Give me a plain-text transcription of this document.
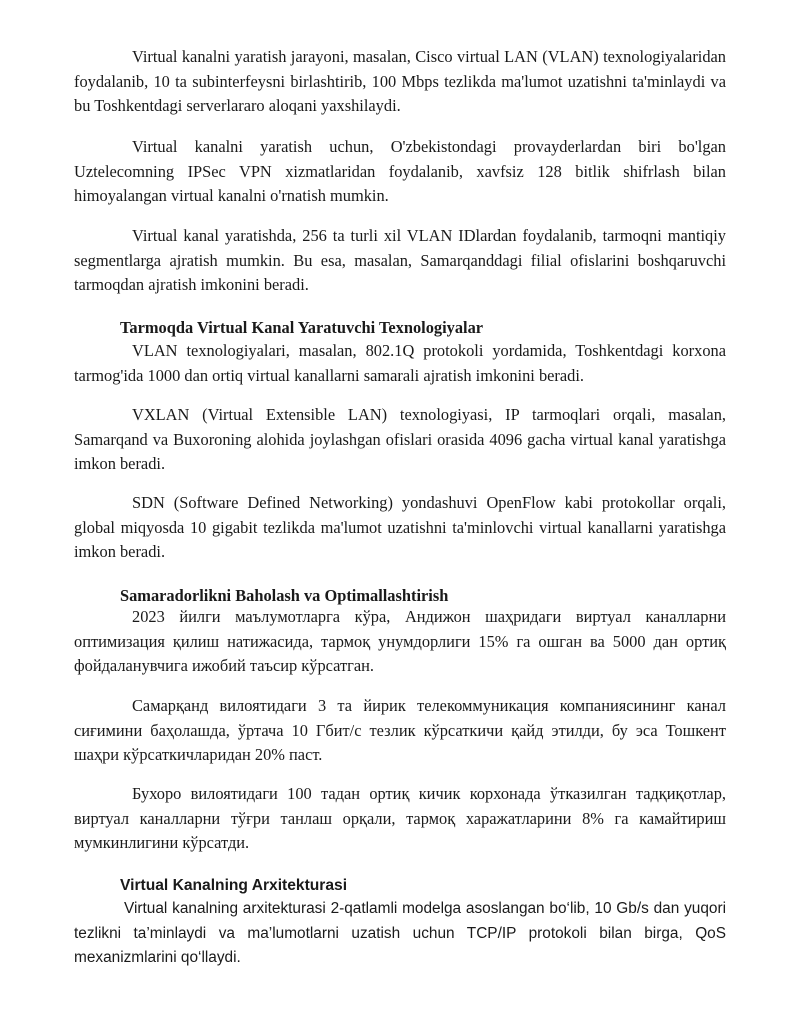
Virtual kanalni yaratish jarayoni, masalan, Cisco virtual LAN (VLAN) texnologiyalaridan foydalanib, 10 ta subinterfeysni birlashtirib, 100 Mbps tezlikda ma'lumot uzatishni ta'minlaydi va bu Toshkentdagi serverlararo aloqani yaxshilaydi.

Virtual kanalni yaratish uchun, O'zbekistondagi provayderlardan biri bo'lgan Uztelecomning IPSec VPN xizmatlaridan foydalanib, xavfsiz 128 bitlik shifrlash bilan himoyalangan virtual kanalni o'rnatish mumkin.

Virtual kanal yaratishda, 256 ta turli xil VLAN IDlardan foydalanib, tarmoqni mantiqiy segmentlarga ajratish mumkin. Bu esa, masalan, Samarqanddagi filial ofislarini boshqaruvchi tarmoqdan ajratish imkonini beradi.

Tarmoqda Virtual Kanal Yaratuvchi Texnologiyalar

VLAN texnologiyalari, masalan, 802.1Q protokoli yordamida, Toshkentdagi korxona tarmog'ida 1000 dan ortiq virtual kanallarni samarali ajratish imkonini beradi.

VXLAN (Virtual Extensible LAN) texnologiyasi, IP tarmoqlari orqali, masalan, Samarqand va Buxoroning alohida joylashgan ofislari orasida 4096 gacha virtual kanal yaratishga imkon beradi.

SDN (Software Defined Networking) yondashuvi OpenFlow kabi protokollar orqali, global miqyosda 10 gigabit tezlikda ma'lumot uzatishni ta'minlovchi virtual kanallarni yaratishga imkon beradi.

Samaradorlikni Baholash va Optimallashtirish

2023 йилги маълумотларга кўра, Андижон шаҳридаги виртуал каналларни оптимизация қилиш натижасида, тармоқ унумдорлиги 15% га ошган ва 5000 дан ортиқ фойдаланувчига ижобий таъсир кўрсатган.

Самарқанд вилоятидаги 3 та йирик телекоммуникация компаниясининг канал сиғимини баҳолашда, ўртача 10 Гбит/с тезлик кўрсаткичи қайд этилди, бу эса Тошкент шаҳри кўрсаткичларидан 20% паст.

Бухоро вилоятидаги 100 тадан ортиқ кичик корхонада ўтказилган тадқиқотлар, виртуал каналларни тўғри танлаш орқали, тармоқ харажатларини 8% га камайтириш мумкинлигини кўрсатди.

Virtual Kanalning Arxitekturasi

Virtual kanalning arxitekturasi 2-qatlamli modelga asoslangan bo‘lib, 10 Gb/s dan yuqori tezlikni ta’minlaydi va ma’lumotlarni uzatish uchun TCP/IP protokoli bilan birga, QoS mexanizmlarini qo‘llaydi.
